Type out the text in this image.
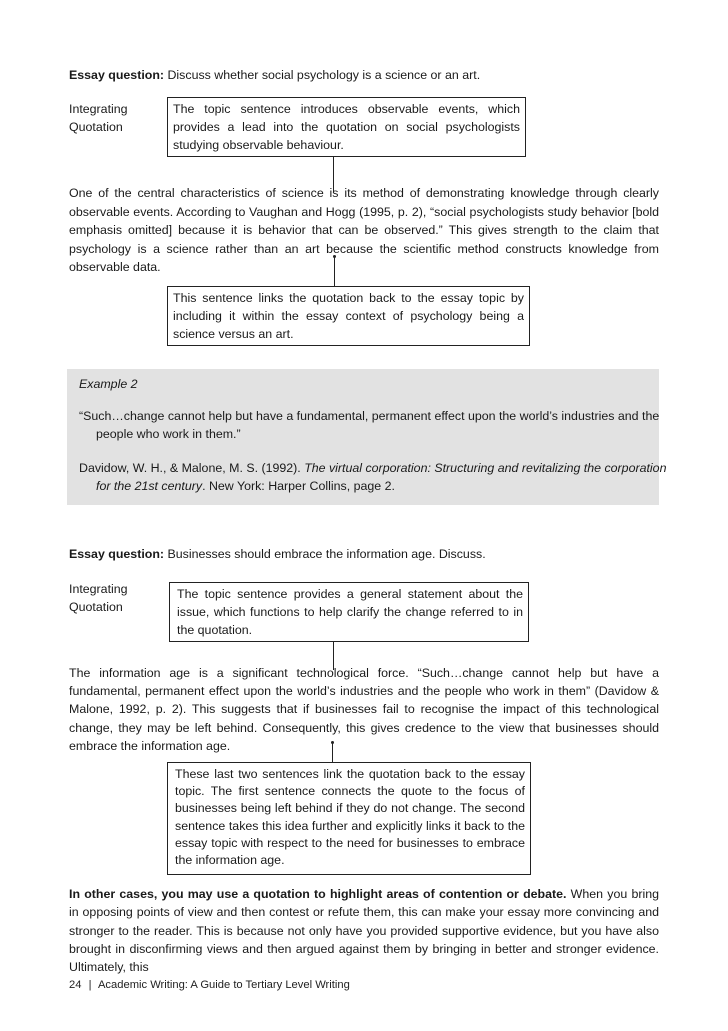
Essay question: Discuss whether social psychology is a science or an art.
Integrating
Quotation
The topic sentence introduces observable events, which provides a lead into the quotation on social psychologists studying observable behaviour.
One of the central characteristics of science is its method of demonstrating knowledge through clearly observable events. According to Vaughan and Hogg (1995, p. 2), “social psychologists study behavior [bold emphasis omitted] because it is behavior that can be observed.” This gives strength to the claim that psychology is a science rather than an art because the scientific method constructs knowledge from observable data.
This sentence links the quotation back to the essay topic by including it within the essay context of psychology being a science versus an art.
Example 2
“Such…change cannot help but have a fundamental, permanent effect upon the world’s industries and the people who work in them.”
Davidow, W. H., & Malone, M. S. (1992). The virtual corporation: Structuring and revitalizing the corporation for the 21st century. New York: Harper Collins, page 2.
Essay question: Businesses should embrace the information age. Discuss.
Integrating
Quotation
The topic sentence provides a general statement about the issue, which functions to help clarify the change referred to in the quotation.
The information age is a significant technological force. “Such…change cannot help but have a fundamental, permanent effect upon the world’s industries and the people who work in them” (Davidow & Malone, 1992, p. 2). This suggests that if businesses fail to recognise the impact of this technological change, they may be left behind. Consequently, this gives credence to the view that businesses should embrace the information age.
These last two sentences link the quotation back to the essay topic. The first sentence connects the quote to the focus of businesses being left behind if they do not change. The second sentence takes this idea further and explicitly links it back to the essay topic with respect to the need for businesses to embrace the information age.
In other cases, you may use a quotation to highlight areas of contention or debate. When you bring in opposing points of view and then contest or refute them, this can make your essay more convincing and stronger to the reader. This is because not only have you provided supportive evidence, but you have also brought in disconfirming views and then argued against them by bringing in better and stronger evidence. Ultimately, this
24 | Academic Writing: A Guide to Tertiary Level Writing
